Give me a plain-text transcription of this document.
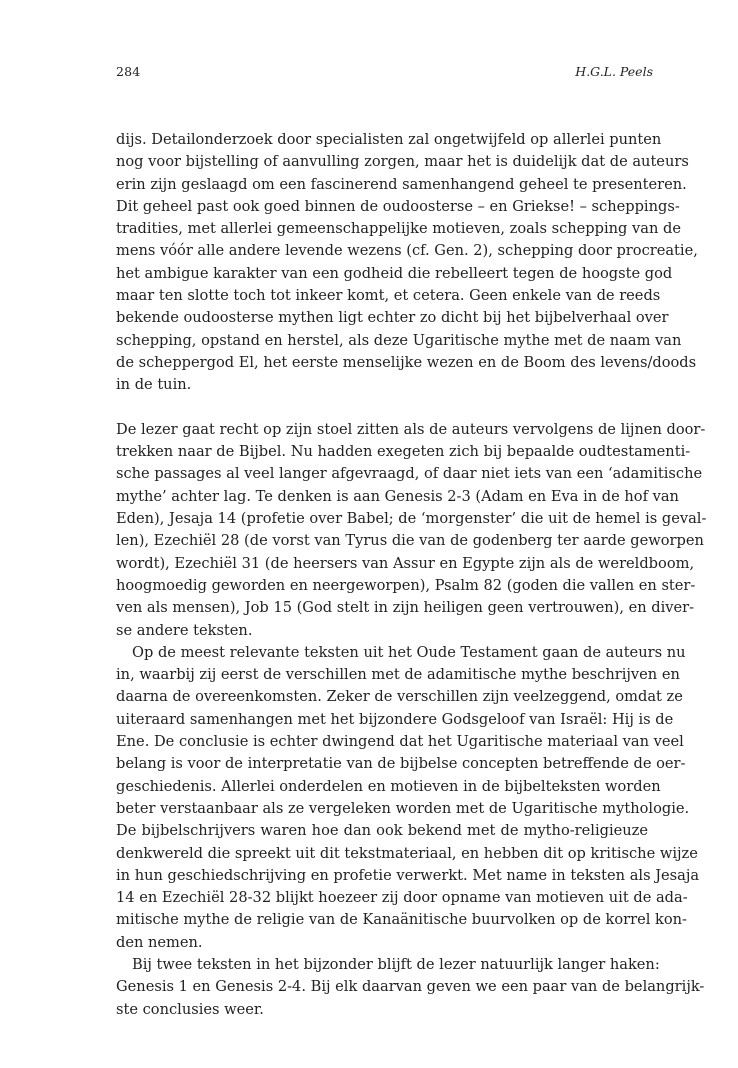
284	H.G.L. Peels
dijs. Detailonderzoek door specialisten zal ongetwijfeld op allerlei punten
nog voor bijstelling of aanvulling zorgen, maar het is duidelijk dat de auteurs
erin zijn geslaagd om een fascinerend samenhangend geheel te presenteren.
Dit geheel past ook goed binnen de oudoosterse – en Griekse! – scheppings-
tradities, met allerlei gemeenschappelijke motieven, zoals schepping van de
mens vóór alle andere levende wezens (cf. Gen. 2), schepping door procreatie,
het ambigue karakter van een godheid die rebelleert tegen de hoogste god
maar ten slotte toch tot inkeer komt, et cetera. Geen enkele van de reeds
bekende oudoosterse mythen ligt echter zo dicht bij het bijbelverhaal over
schepping, opstand en herstel, als deze Ugaritische mythe met de naam van
de scheppergod El, het eerste menselijke wezen en de Boom des levens/doods
in de tuin.
De lezer gaat recht op zijn stoel zitten als de auteurs vervolgens de lijnen door-
trekken naar de Bijbel. Nu hadden exegeten zich bij bepaalde oudtestamenti-
sche passages al veel langer afgevraagd, of daar niet iets van een ‘adamitische
mythe’ achter lag. Te denken is aan Genesis 2-3 (Adam en Eva in de hof van
Eden), Jesaja 14 (profetie over Babel; de ‘morgenster’ die uit de hemel is geval-
len), Ezechiël 28 (de vorst van Tyrus die van de godenberg ter aarde geworpen
wordt), Ezechiël 31 (de heersers van Assur en Egypte zijn als de wereldboom,
hoogmoedig geworden en neergeworpen), Psalm 82 (goden die vallen en ster-
ven als mensen), Job 15 (God stelt in zijn heiligen geen vertrouwen), en diver-
se andere teksten.
Op de meest relevante teksten uit het Oude Testament gaan de auteurs nu
in, waarbij zij eerst de verschillen met de adamitische mythe beschrijven en
daarna de overeenkomsten. Zeker de verschillen zijn veelzeggend, omdat ze
uiteraard samenhangen met het bijzondere Godsgeloof van Israël: Hij is de
Ene. De conclusie is echter dwingend dat het Ugaritische materiaal van veel
belang is voor de interpretatie van de bijbelse concepten betreffende de oer-
geschiedenis. Allerlei onderdelen en motieven in de bijbelteksten worden
beter verstaanbaar als ze vergeleken worden met de Ugaritische mythologie.
De bijbelschrijvers waren hoe dan ook bekend met de mytho-religieuze
denkwereld die spreekt uit dit tekstmateriaal, en hebben dit op kritische wijze
in hun geschiedschrijving en profetie verwerkt. Met name in teksten als Jesaja
14 en Ezechiël 28-32 blijkt hoezeer zij door opname van motieven uit de ada-
mitische mythe de religie van de Kanaänitische buurvolken op de korrel kon-
den nemen.
Bij twee teksten in het bijzonder blijft de lezer natuurlijk langer haken:
Genesis 1 en Genesis 2-4. Bij elk daarvan geven we een paar van de belangrijk-
ste conclusies weer.
